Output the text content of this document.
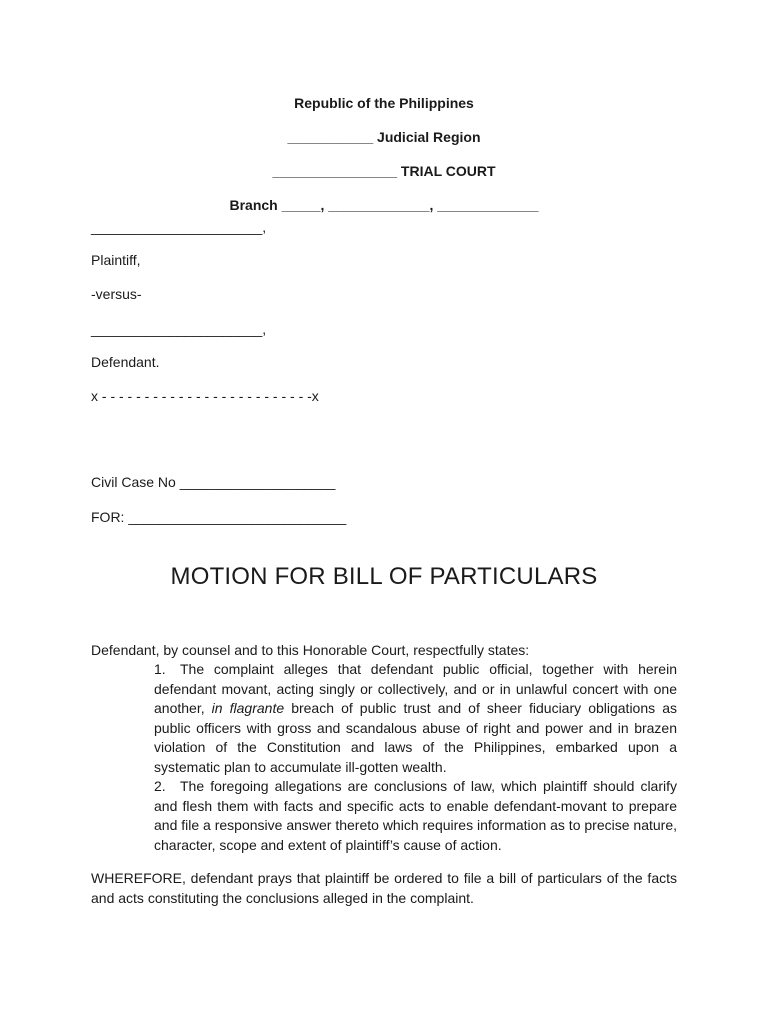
Republic of the Philippines
___________ Judicial Region
________________ TRIAL COURT
Branch _____, _____________, _____________
______________________,
Plaintiff,
-versus-
______________________,
Defendant.
x - - - - - - - - - - - - - - - - - - - - - - - - -x
Civil Case No ____________________
FOR: ____________________________
MOTION FOR BILL OF PARTICULARS
Defendant, by counsel and to this Honorable Court, respectfully states:
1. The complaint alleges that defendant public official, together with herein defendant movant, acting singly or collectively, and or in unlawful concert with one another, in flagrante breach of public trust and of sheer fiduciary obligations as public officers with gross and scandalous abuse of right and power and in brazen violation of the Constitution and laws of the Philippines, embarked upon a systematic plan to accumulate ill-gotten wealth.
2. The foregoing allegations are conclusions of law, which plaintiff should clarify and flesh them with facts and specific acts to enable defendant-movant to prepare and file a responsive answer thereto which requires information as to precise nature, character, scope and extent of plaintiff’s cause of action.
WHEREFORE, defendant prays that plaintiff be ordered to file a bill of particulars of the facts and acts constituting the conclusions alleged in the complaint.
